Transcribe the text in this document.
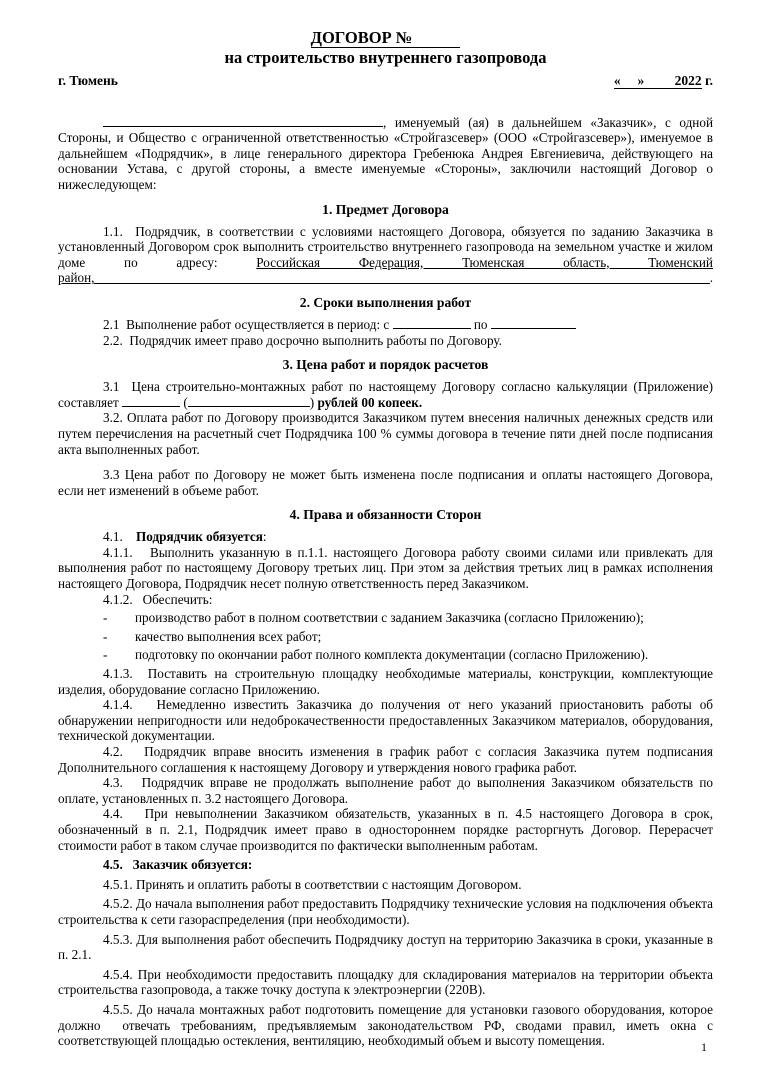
ДОГОВОР №
на строительство внутреннего газопровода
г. Тюмень	«     »         2022 г.

, именуемый (ая) в дальнейшем «Заказчик», с одной Стороны, и Общество с ограниченной ответственностью «Стройгазсевер» (ООО «Стройгазсевер»), именуемое в дальнейшем «Подрядчик», в лице генерального директора Гребенюка Андрея Евгениевича, действующего на основании Устава, с другой стороны, а вместе именуемые «Стороны», заключили настоящий Договор о нижеследующем:

1. Предмет Договора

1.1.  Подрядчик, в соответствии с условиями настоящего Договора, обязуется по заданию Заказчика в установленный Договором срок выполнить строительство внутреннего газопровода на земельном участке и жилом доме по адресу: Российская Федерация, Тюменская область, Тюменский

район,	.
2. Сроки выполнения работ

2.1  Выполнение работ осуществляется в период: с	по

2.2.  Подрядчик имеет право досрочно выполнить работы по Договору.

3. Цена работ и порядок расчетов

3.1  Цена строительно-монтажных работ по настоящему Договору согласно калькуляции (Приложение) составляет	(	) рублей 00 копеек.

3.2. Оплата работ по Договору производится Заказчиком путем внесения наличных денежных средств или путем перечисления на расчетный счет Подрядчика 100 % суммы договора в течение пяти дней после подписания акта выполненных работ.

3.3 Цена работ по Договору не может быть изменена после подписания и оплаты настоящего Договора, если нет изменений в объеме работ.

4. Права и обязанности Сторон

4.1.    Подрядчик обязуется:

4.1.1.   Выполнить указанную в п.1.1. настоящего Договора работу своими силами или привлекать для выполнения работ по настоящему Договору третьих лиц. При этом за действия третьих лиц в рамках исполнения настоящего Договора, Подрядчик несет полную ответственность перед Заказчиком.

4.1.2.   Обеспечить:

-	производство работ в полном соответствии с заданием Заказчика (согласно Приложению);
-	качество выполнения всех работ;
-	подготовку по окончании работ полного комплекта документации (согласно Приложению).

4.1.3.  Поставить на строительную площадку необходимые материалы, конструкции, комплектующие изделия, оборудование согласно Приложению.

4.1.4.   Немедленно известить Заказчика до получения от него указаний приостановить работы об обнаружении непригодности или недоброкачественности предоставленных Заказчиком материалов, оборудования, технической документации.

4.2.   Подрядчик вправе вносить изменения в график работ с согласия Заказчика путем подписания Дополнительного соглашения к настоящему Договору и утверждения нового графика работ.

4.3.   Подрядчик вправе не продолжать выполнение работ до выполнения Заказчиком обязательств по оплате, установленных п. 3.2 настоящего Договора.

4.4.   При невыполнении Заказчиком обязательств, указанных в п. 4.5 настоящего Договора в срок, обозначенный в п. 2.1, Подрядчик имеет право в одностороннем порядке расторгнуть Договор. Перерасчет стоимости работ в таком случае производится по фактически выполненным работам.

4.5.   Заказчик обязуется:

4.5.1. Принять и оплатить работы в соответствии с настоящим Договором.

4.5.2. До начала выполнения работ предоставить Подрядчику технические условия на подключения объекта строительства к сети газораспределения (при необходимости).

4.5.3. Для выполнения работ обеспечить Подрядчику доступ на территорию Заказчика в сроки, указанные в п. 2.1.

4.5.4. При необходимости предоставить площадку для складирования материалов на территории объекта строительства газопровода, а также точку доступа к электроэнергии (220В).

4.5.5. До начала монтажных работ подготовить помещение для установки газового оборудования, которое должно  отвечать требованиям, предъявляемым законодательством РФ, сводами правил, иметь окна с соответствующей площадью остекления, вентиляцию, необходимый объем и высоту помещения.	1
